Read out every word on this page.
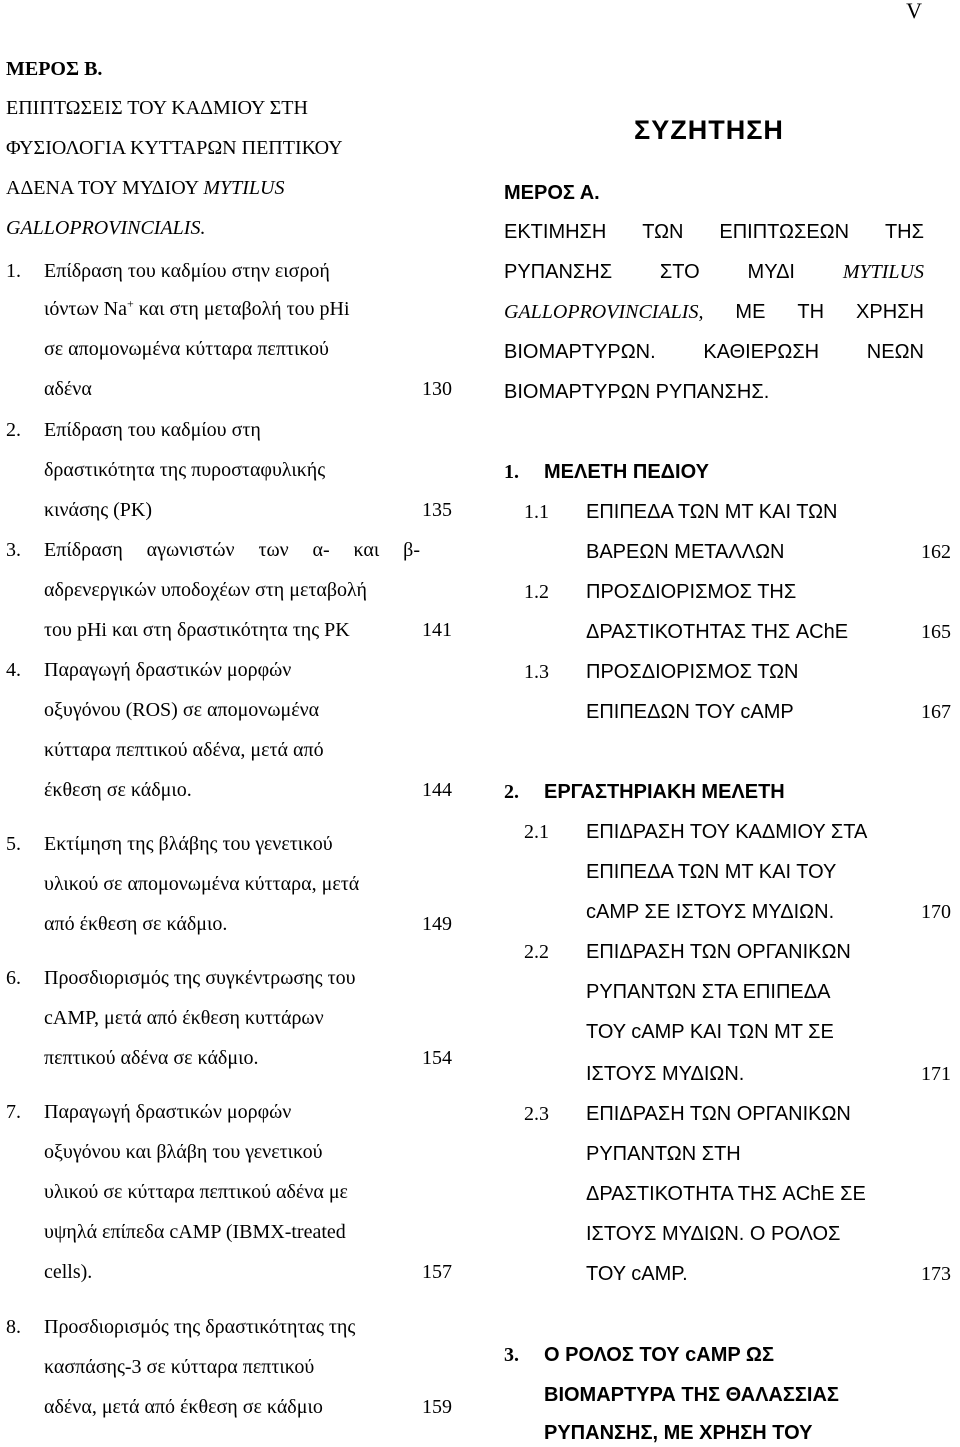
V
ΜΕΡΟΣ Β.
ΕΠΙΠΤΩΣΕΙΣ ΤΟΥ ΚΑΔΜΙΟΥ ΣΤΗ
ΦΥΣΙΟΛΟΓΙΑ ΚΥΤΤΑΡΩΝ ΠΕΠΤΙΚΟΥ
ΑΔΕΝΑ ΤΟΥ ΜΥΔΙΟΥ MYTILUS
GALLOPROVINCIALIS.
1. Επίδραση του καδμίου στην εισροή
ιόντων Na+ και στη μεταβολή του pHi
σε απομονωμένα κύτταρα πεπτικού
αδένα	130
2. Επίδραση του καδμίου στη
δραστικότητα της πυροσταφυλικής
κινάσης (PK)	135
3. Επίδραση αγωνιστών των α- και β-
αδρενεργικών υποδοχέων στη μεταβολή
του pHi και στη δραστικότητα της PK	141
4. Παραγωγή δραστικών μορφών
οξυγόνου (ROS) σε απομονωμένα
κύτταρα πεπτικού αδένα, μετά από
έκθεση σε κάδμιο.	144
5. Εκτίμηση της βλάβης του γενετικού
υλικού σε απομονωμένα κύτταρα, μετά
από έκθεση σε κάδμιο.	149
6. Προσδιορισμός της συγκέντρωσης του
cAMP, μετά από έκθεση κυττάρων
πεπτικού αδένα σε κάδμιο.	154
7. Παραγωγή δραστικών μορφών
οξυγόνου και βλάβη του γενετικού
υλικού σε κύτταρα πεπτικού αδένα με
υψηλά επίπεδα cAMP (IBMX-treated
cells).	157
8. Προσδιορισμός της δραστικότητας της
κασπάσης-3 σε κύτταρα πεπτικού
αδένα, μετά από έκθεση σε κάδμιο	159
ΣΥΖΗΤΗΣΗ
ΜΕΡΟΣ Α.
ΕΚΤΙΜΗΣΗ ΤΩΝ ΕΠΙΠΤΩΣΕΩΝ ΤΗΣ
ΡΥΠΑΝΣΗΣ ΣΤΟ ΜΥΔΙ MYTILUS
GALLOPROVINCIALIS, ΜΕ ΤΗ ΧΡΗΣΗ
ΒΙΟΜΑΡΤΥΡΩΝ. ΚΑΘΙΕΡΩΣΗ ΝΕΩΝ
ΒΙΟΜΑΡΤΥΡΩΝ ΡΥΠΑΝΣΗΣ.
1. ΜΕΛΕΤΗ ΠΕΔΙΟΥ
1.1 ΕΠΙΠΕΔΑ ΤΩΝ MT ΚΑΙ ΤΩΝ
ΒΑΡΕΩΝ ΜΕΤΑΛΛΩΝ	162
1.2 ΠΡΟΣΔΙΟΡΙΣΜΟΣ ΤΗΣ
ΔΡΑΣΤΙΚΟΤΗΤΑΣ ΤΗΣ AChE	165
1.3 ΠΡΟΣΔΙΟΡΙΣΜΟΣ ΤΩΝ
ΕΠΙΠΕΔΩΝ ΤΟΥ cAMP	167
2. ΕΡΓΑΣΤΗΡΙΑΚΗ ΜΕΛΕΤΗ
2.1 ΕΠΙΔΡΑΣΗ ΤΟΥ ΚΑΔΜΙΟΥ ΣΤΑ
ΕΠΙΠΕΔΑ ΤΩΝ MT ΚΑΙ ΤΟΥ
cAMP ΣΕ ΙΣΤΟΥΣ ΜΥΔΙΩΝ.	170
2.2 ΕΠΙΔΡΑΣΗ ΤΩΝ ΟΡΓΑΝΙΚΩΝ
ΡΥΠΑΝΤΩΝ ΣΤΑ ΕΠΙΠΕΔΑ
ΤΟΥ cAMP ΚΑΙ ΤΩΝ MT ΣΕ
ΙΣΤΟΥΣ ΜΥΔΙΩΝ.	171
2.3 ΕΠΙΔΡΑΣΗ ΤΩΝ ΟΡΓΑΝΙΚΩΝ
ΡΥΠΑΝΤΩΝ ΣΤΗ
ΔΡΑΣΤΙΚΟΤΗΤΑ ΤΗΣ AChE ΣΕ
ΙΣΤΟΥΣ ΜΥΔΙΩΝ. Ο ΡΟΛΟΣ
ΤΟΥ cAMP.	173
3. Ο ΡΟΛΟΣ ΤΟΥ cAMP ΩΣ
ΒΙΟΜΑΡΤΥΡΑ ΤΗΣ ΘΑΛΑΣΣΙΑΣ
ΡΥΠΑΝΣΗΣ, ΜΕ ΧΡΗΣΗ ΤΟΥ
